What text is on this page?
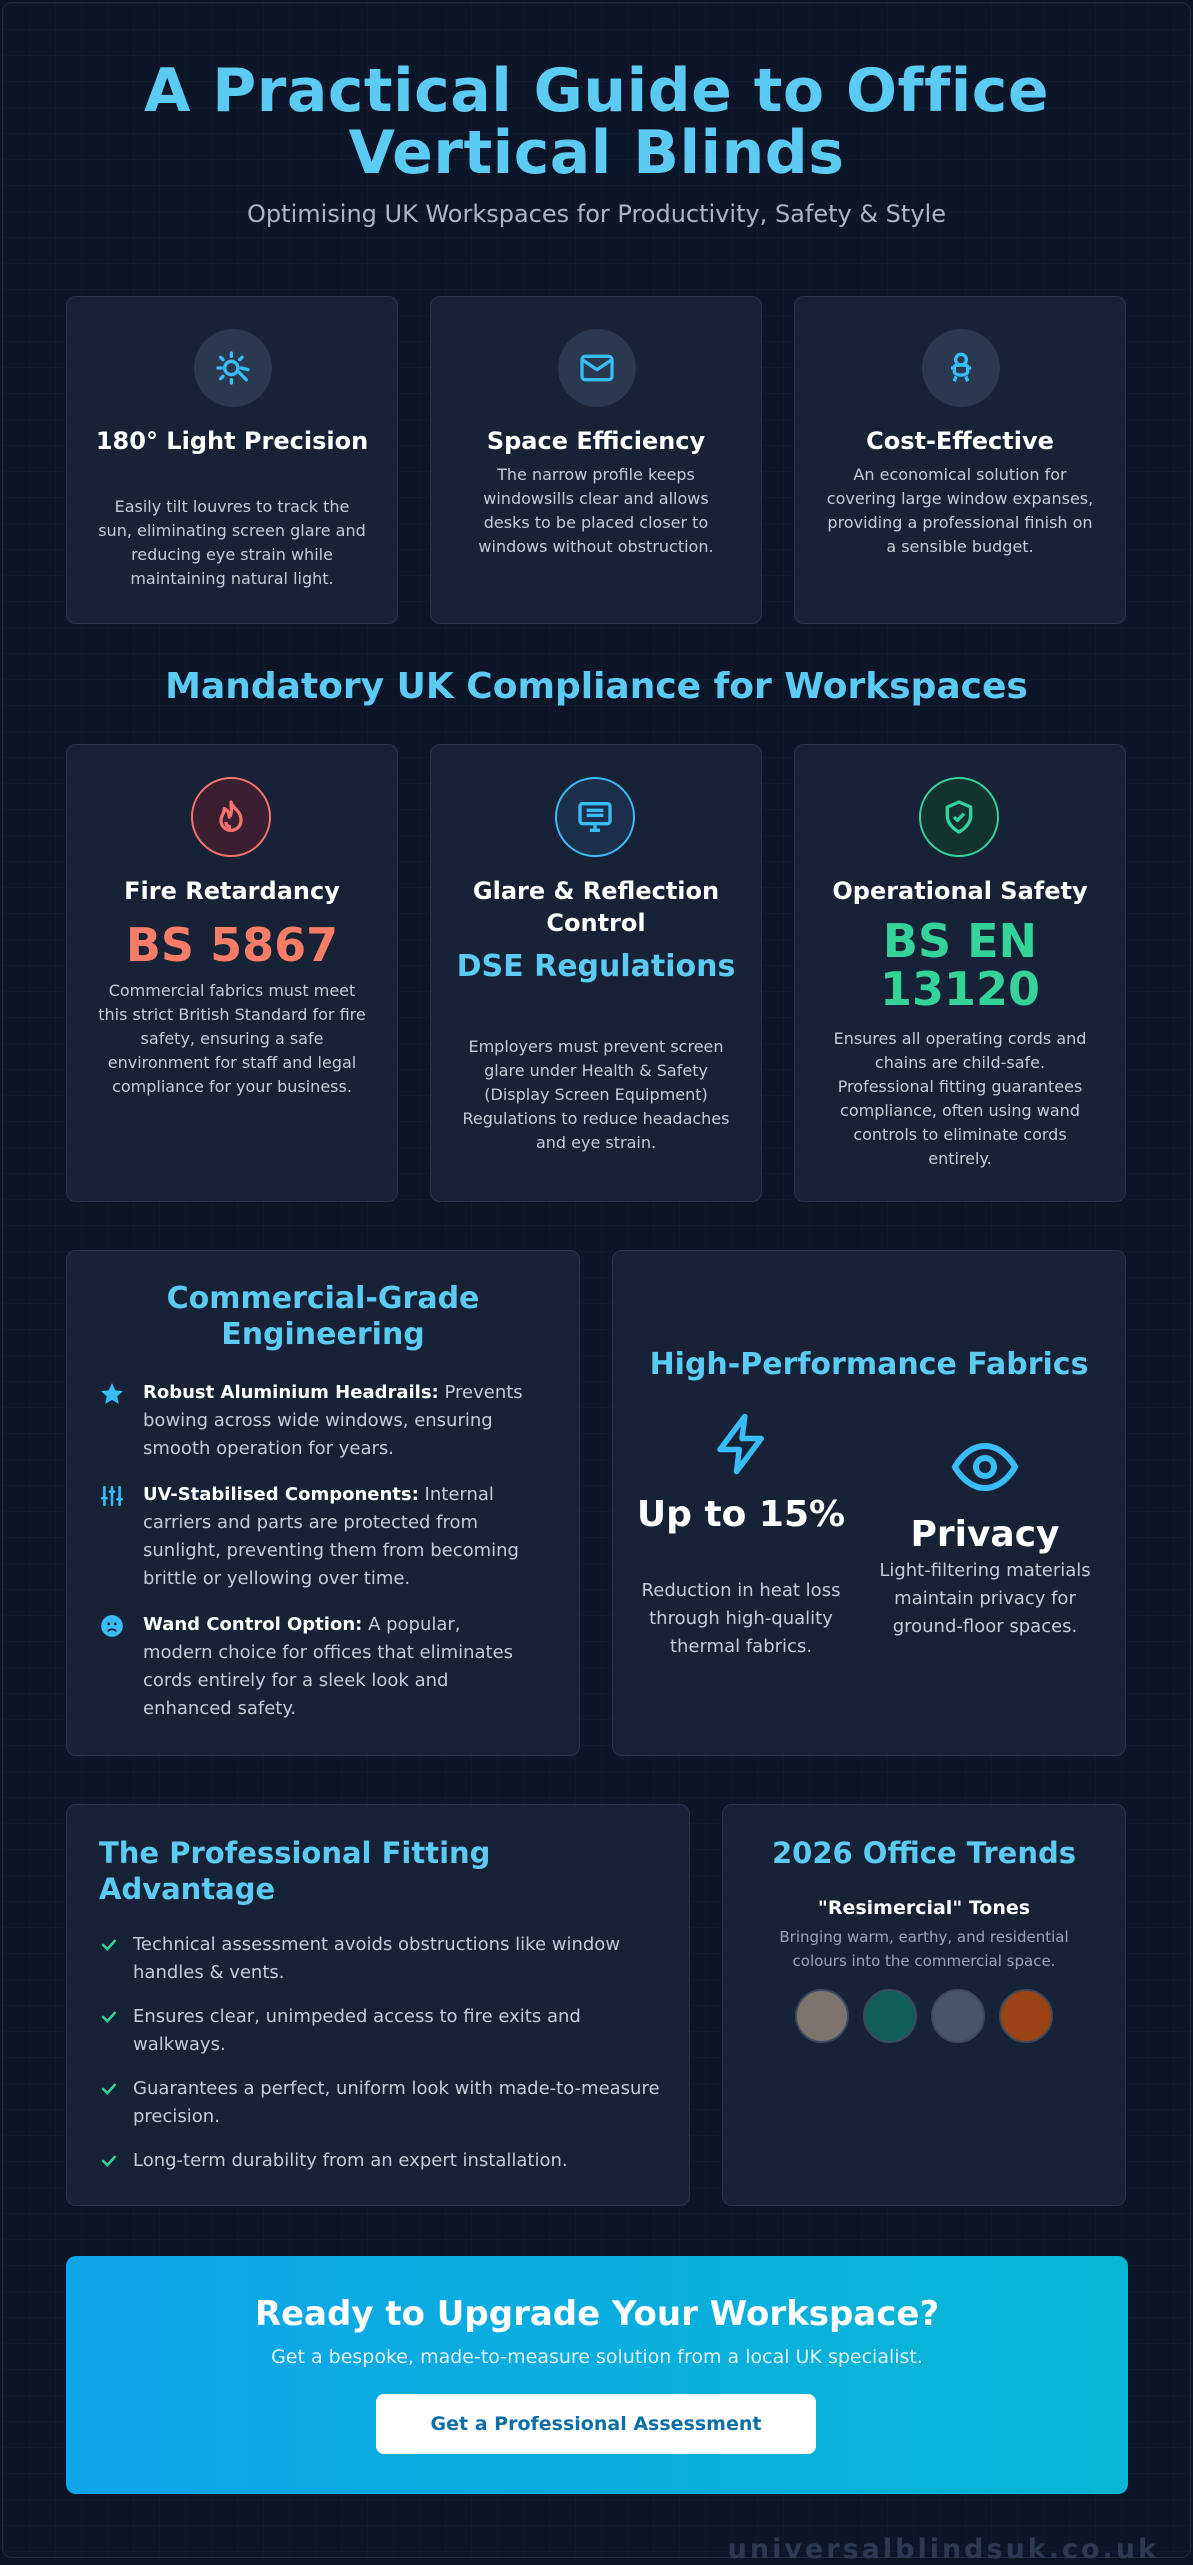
A Practical Guide to Office
Vertical Blinds
Optimising UK Workspaces for Productivity, Safety & Style
180° Light Precision
Easily tilt louvres to track the sun, eliminating screen glare and reducing eye strain while maintaining natural light.
Space Efficiency
The narrow profile keeps windowsills clear and allows desks to be placed closer to windows without obstruction.
Cost-Effective
An economical solution for covering large window expanses, providing a professional finish on a sensible budget.
Mandatory UK Compliance for Workspaces
Fire Retardancy
BS 5867
Commercial fabrics must meet this strict British Standard for fire safety, ensuring a safe environment for staff and legal compliance for your business.
Glare & Reflection Control
DSE Regulations
Employers must prevent screen glare under Health & Safety (Display Screen Equipment) Regulations to reduce headaches and eye strain.
Operational Safety
BS EN 13120
Ensures all operating cords and chains are child-safe. Professional fitting guarantees compliance, often using wand controls to eliminate cords entirely.
Commercial-Grade Engineering
Robust Aluminium Headrails: Prevents bowing across wide windows, ensuring smooth operation for years.
UV-Stabilised Components: Internal carriers and parts are protected from sunlight, preventing them from becoming brittle or yellowing over time.
Wand Control Option: A popular, modern choice for offices that eliminates cords entirely for a sleek look and enhanced safety.
High-Performance Fabrics
Up to 15%
Reduction in heat loss through high-quality thermal fabrics.
Privacy
Light-filtering materials maintain privacy for ground-floor spaces.
The Professional Fitting Advantage
Technical assessment avoids obstructions like window handles & vents.
Ensures clear, unimpeded access to fire exits and walkways.
Guarantees a perfect, uniform look with made-to-measure precision.
Long-term durability from an expert installation.
2026 Office Trends
"Resimercial" Tones
Bringing warm, earthy, and residential colours into the commercial space.
Ready to Upgrade Your Workspace?
Get a bespoke, made-to-measure solution from a local UK specialist.
Get a Professional Assessment
universalblindsuk.co.uk
